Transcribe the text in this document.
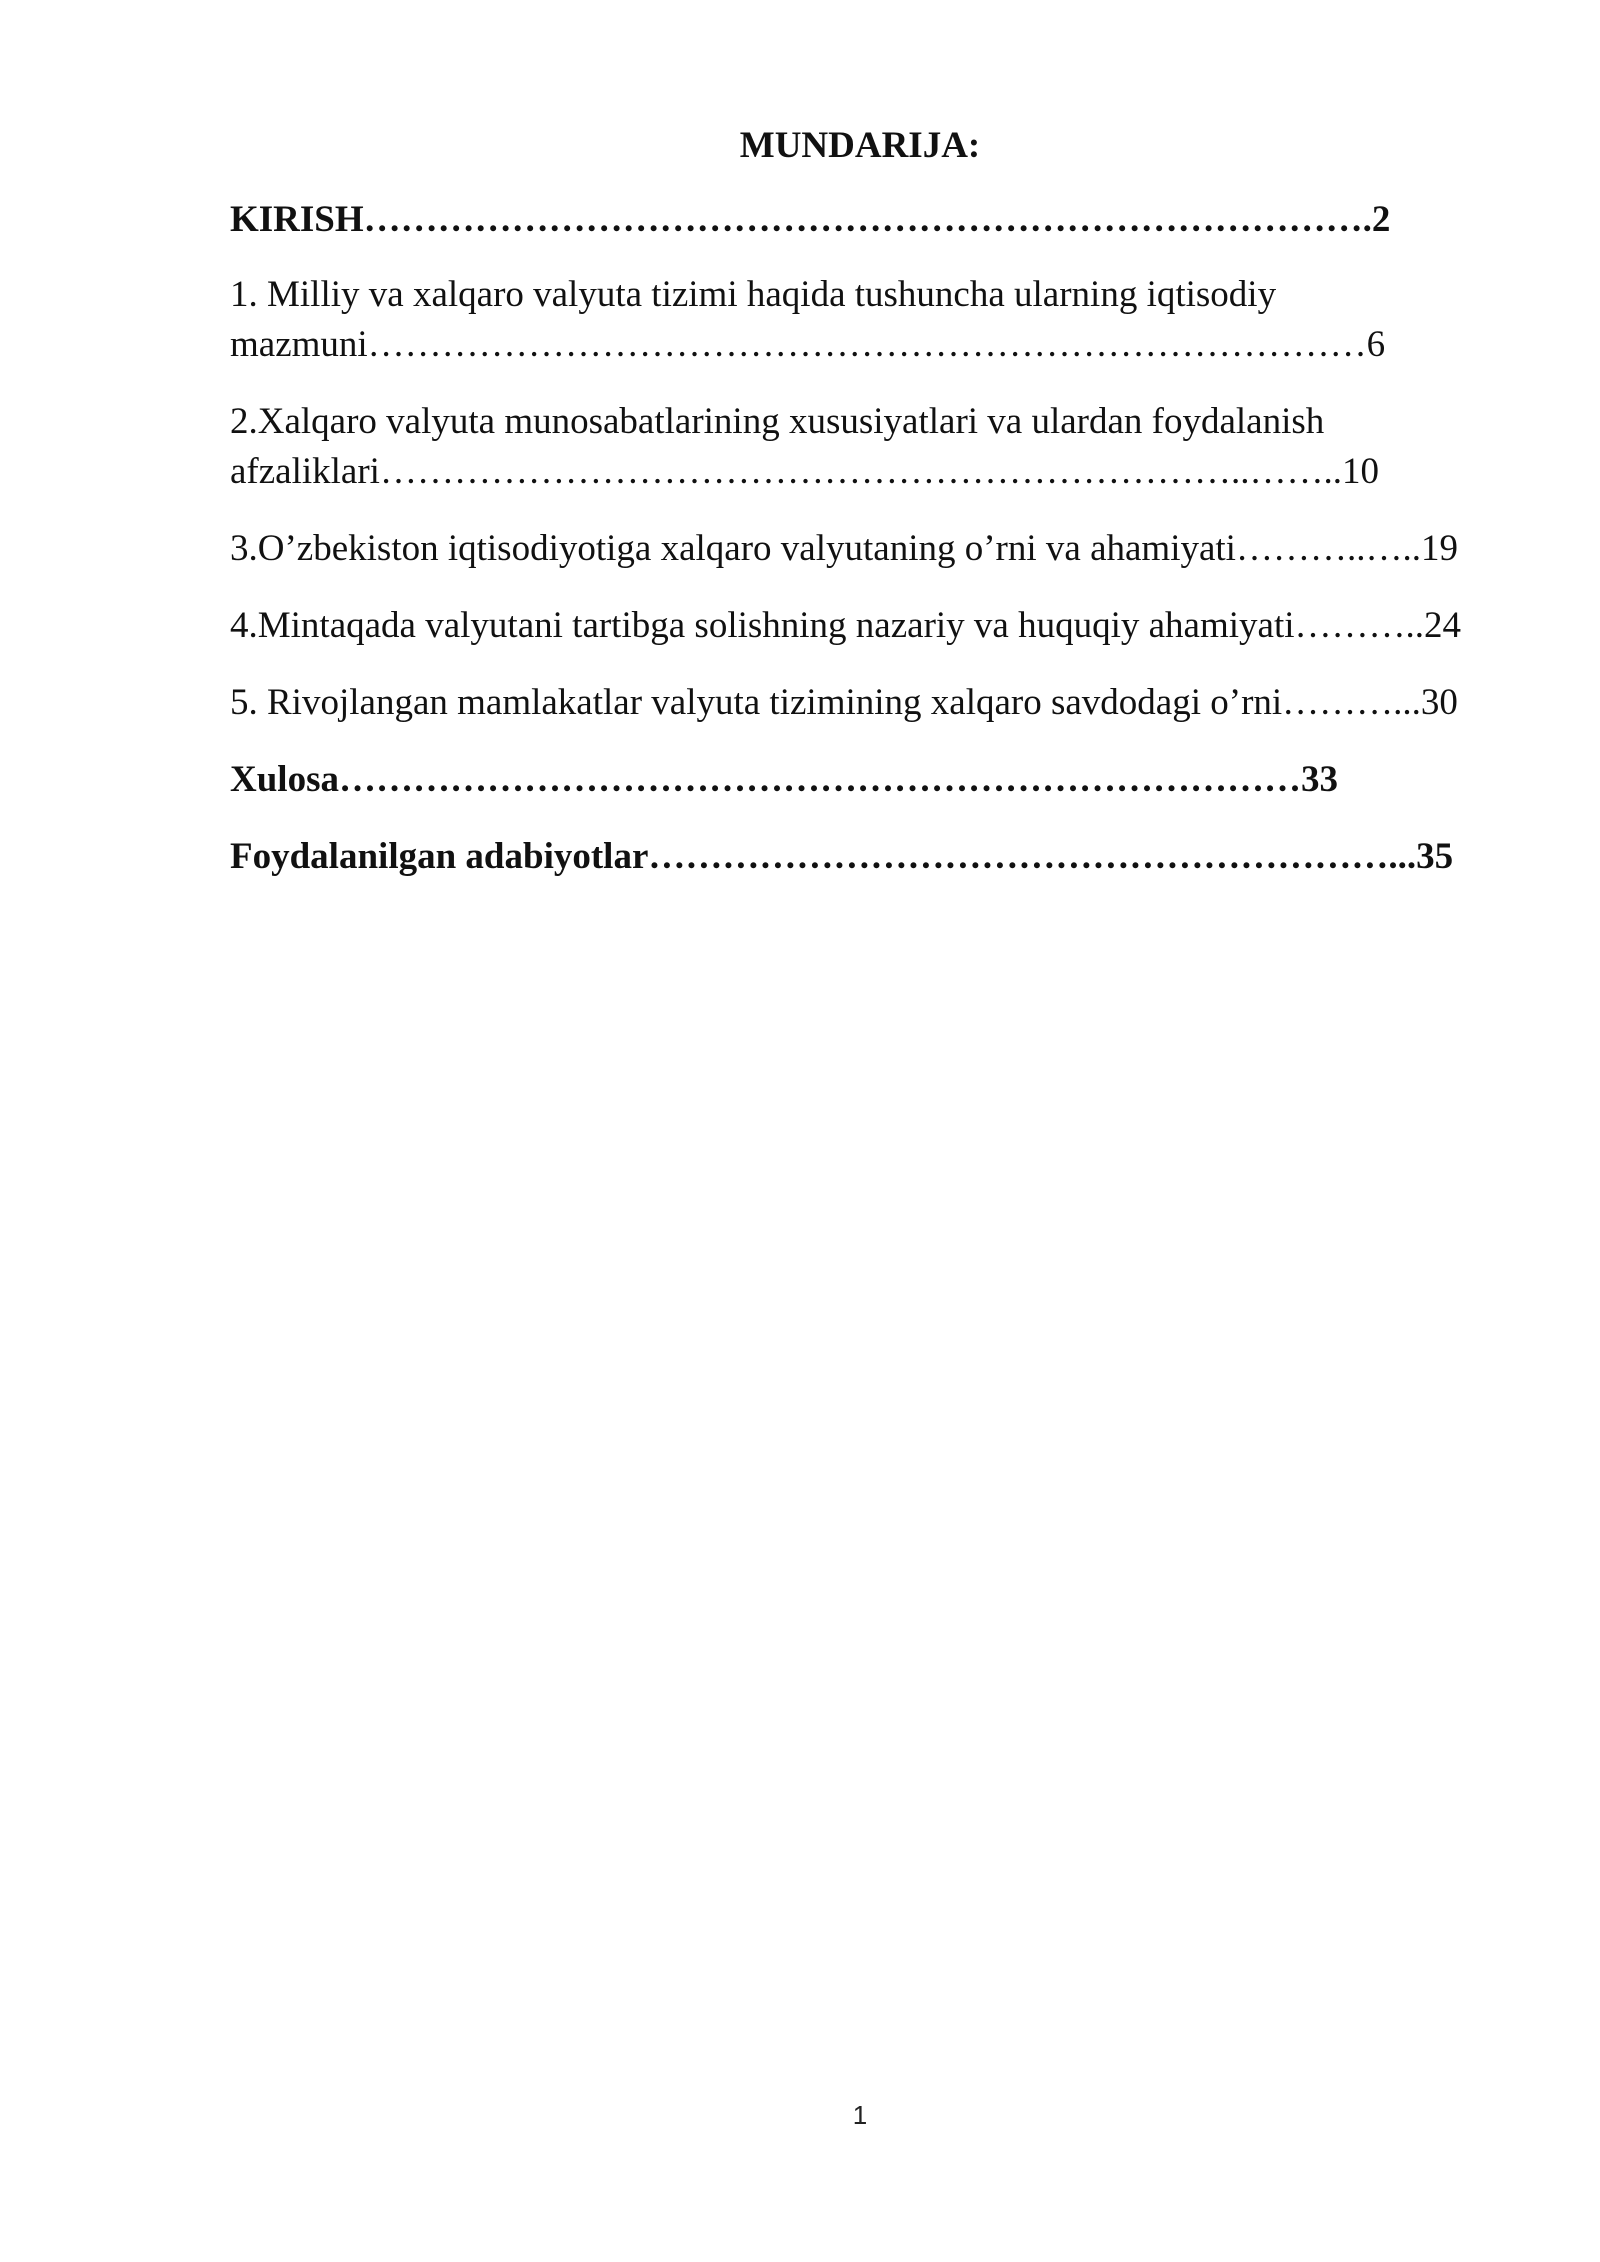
MUNDARIJA:
KIRISH……………………………………………………………………….2
1. Milliy va xalqaro valyuta tizimi haqida tushuncha ularning iqtisodiy
mazmuni………………………………………………………………………6
2.Xalqaro valyuta munosabatlarining xususiyatlari va ulardan foydalanish
afzaliklari……………………………………………………………..……..10
3.O’zbekiston iqtisodiyotiga xalqaro valyutaning o’rni va ahamiyati………..…..19
4.Mintaqada valyutani tartibga solishning nazariy va huquqiy ahamiyati………..24
5. Rivojlangan mamlakatlar valyuta tizimining xalqaro savdodagi o’rni………...30
Xulosa……………………………………………………………………33
Foydalanilgan adabiyotlar……………………………………………………...35
1
